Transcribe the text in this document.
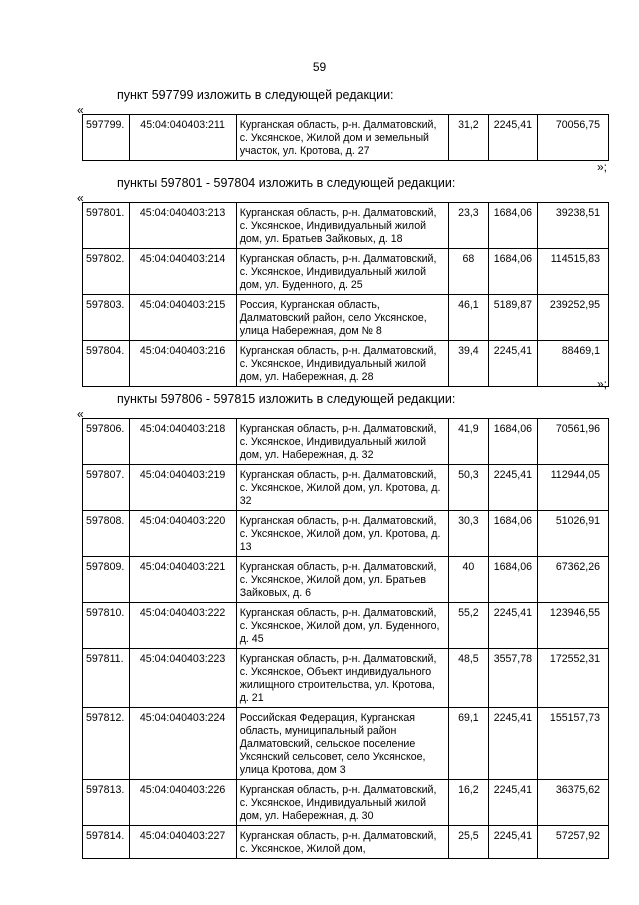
59
пункт 597799 изложить в следующей редакции:
«
597799.	45:04:040403:211	Курганская область, р-н. Далматовский, с. Уксянское, Жилой дом и земельный участок, ул. Кротова, д. 27	31,2	2245,41	70056,75
»;
пункты 597801 - 597804 изложить в следующей редакции:
«
597801.	45:04:040403:213	Курганская область, р-н. Далматовский, с. Уксянское, Индивидуальный жилой дом, ул. Братьев Зайковых, д. 18	23,3	1684,06	39238,51
597802.	45:04:040403:214	Курганская область, р-н. Далматовский, с. Уксянское, Индивидуальный жилой дом, ул. Буденного, д. 25	68	1684,06	114515,83
597803.	45:04:040403:215	Россия, Курганская область, Далматовский район, село Уксянское, улица Набережная, дом № 8	46,1	5189,87	239252,95
597804.	45:04:040403:216	Курганская область, р-н. Далматовский, с. Уксянское, Индивидуальный жилой дом, ул. Набережная, д. 28	39,4	2245,41	88469,1
»;
пункты 597806 - 597815 изложить в следующей редакции:
«
597806.	45:04:040403:218	Курганская область, р-н. Далматовский, с. Уксянское, Индивидуальный жилой дом, ул. Набережная, д. 32	41,9	1684,06	70561,96
597807.	45:04:040403:219	Курганская область, р-н. Далматовский, с. Уксянское, Жилой дом, ул. Кротова, д. 32	50,3	2245,41	112944,05
597808.	45:04:040403:220	Курганская область, р-н. Далматовский, с. Уксянское, Жилой дом, ул. Кротова, д. 13	30,3	1684,06	51026,91
597809.	45:04:040403:221	Курганская область, р-н. Далматовский, с. Уксянское, Жилой дом, ул. Братьев Зайковых, д. 6	40	1684,06	67362,26
597810.	45:04:040403:222	Курганская область, р-н. Далматовский, с. Уксянское, Жилой дом, ул. Буденного, д. 45	55,2	2245,41	123946,55
597811.	45:04:040403:223	Курганская область, р-н. Далматовский, с. Уксянское, Объект индивидуального жилищного строительства, ул. Кротова, д. 21	48,5	3557,78	172552,31
597812.	45:04:040403:224	Российская Федерация, Курганская область, муниципальный район Далматовский, сельское поселение Уксянский сельсовет, село Уксянское, улица Кротова, дом 3	69,1	2245,41	155157,73
597813.	45:04:040403:226	Курганская область, р-н. Далматовский, с. Уксянское, Индивидуальный жилой дом, ул. Набережная, д. 30	16,2	2245,41	36375,62
597814.	45:04:040403:227	Курганская область, р-н. Далматовский, с. Уксянское, Жилой дом,	25,5	2245,41	57257,92
